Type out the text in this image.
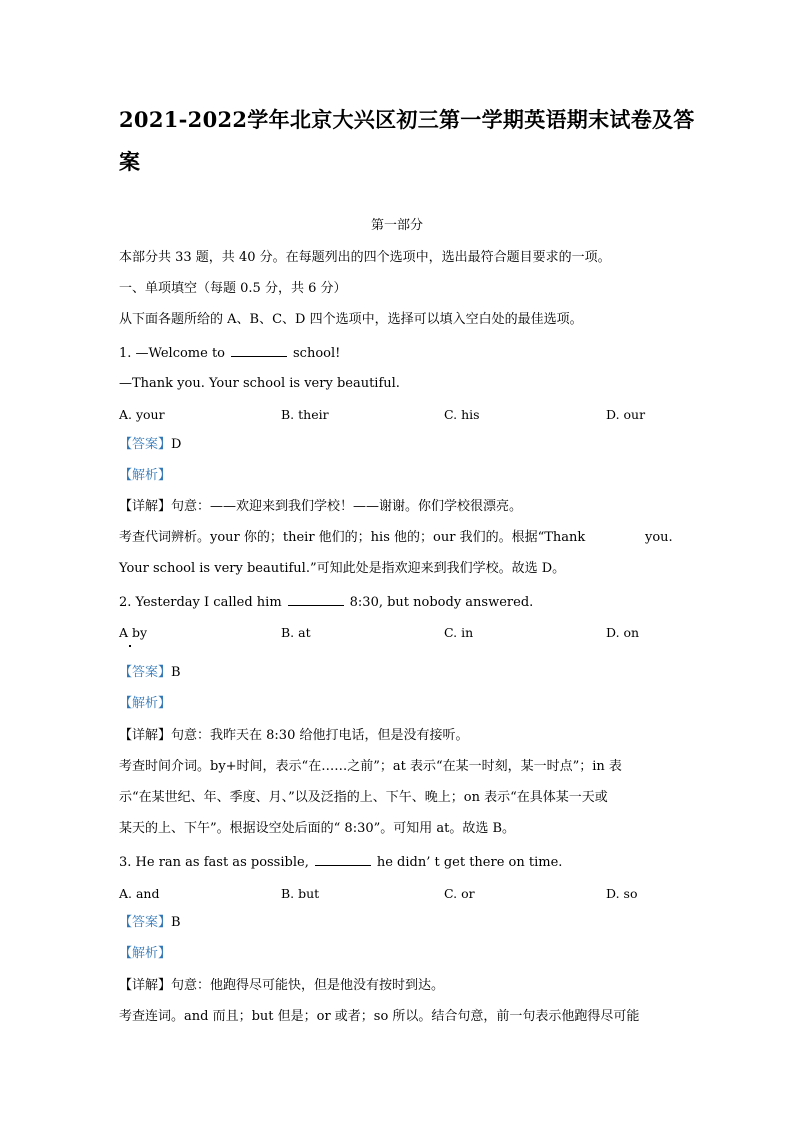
2021-2022学年北京大兴区初三第一学期英语期末试卷及答
案
第一部分
本部分共 33 题，共 40 分。在每题列出的四个选项中，选出最符合题目要求的一项。
一、单项填空（每题 0.5 分，共 6 分）
从下面各题所给的 A、B、C、D 四个选项中，选择可以填入空白处的最佳选项。
1. —Welcome to	school!
—Thank you. Your school is very beautiful.
A. your	B. their	C. his	D. our
【答案】D
【解析】
【详解】句意：——欢迎来到我们学校！——谢谢。你们学校很漂亮。
考查代词辨析。your 你的；their 他们的；his 他的；our 我们的。根据“Thank	you.
Your school is very beautiful.”可知此处是指欢迎来到我们学校。故选 D。
2. Yesterday I called him	8:30, but nobody answered.
A by	B. at	C. in	D. on
【答案】B
【解析】
【详解】句意：我昨天在 8:30 给他打电话，但是没有接听。
考查时间介词。by+时间，表示“在……之前”；at 表示“在某一时刻，某一时点”；in 表
示“在某世纪、年、季度、月、”以及泛指的上、下午、晚上；on 表示“在具体某一天或
某天的上、下午”。根据设空处后面的“ 8:30”。可知用 at。故选 B。
3. He ran as fast as possible,	he didn’ t get there on time.
A. and	B. but	C. or	D. so
【答案】B
【解析】
【详解】句意：他跑得尽可能快，但是他没有按时到达。
考查连词。and 而且；but 但是；or 或者；so 所以。结合句意，前一句表示他跑得尽可能
